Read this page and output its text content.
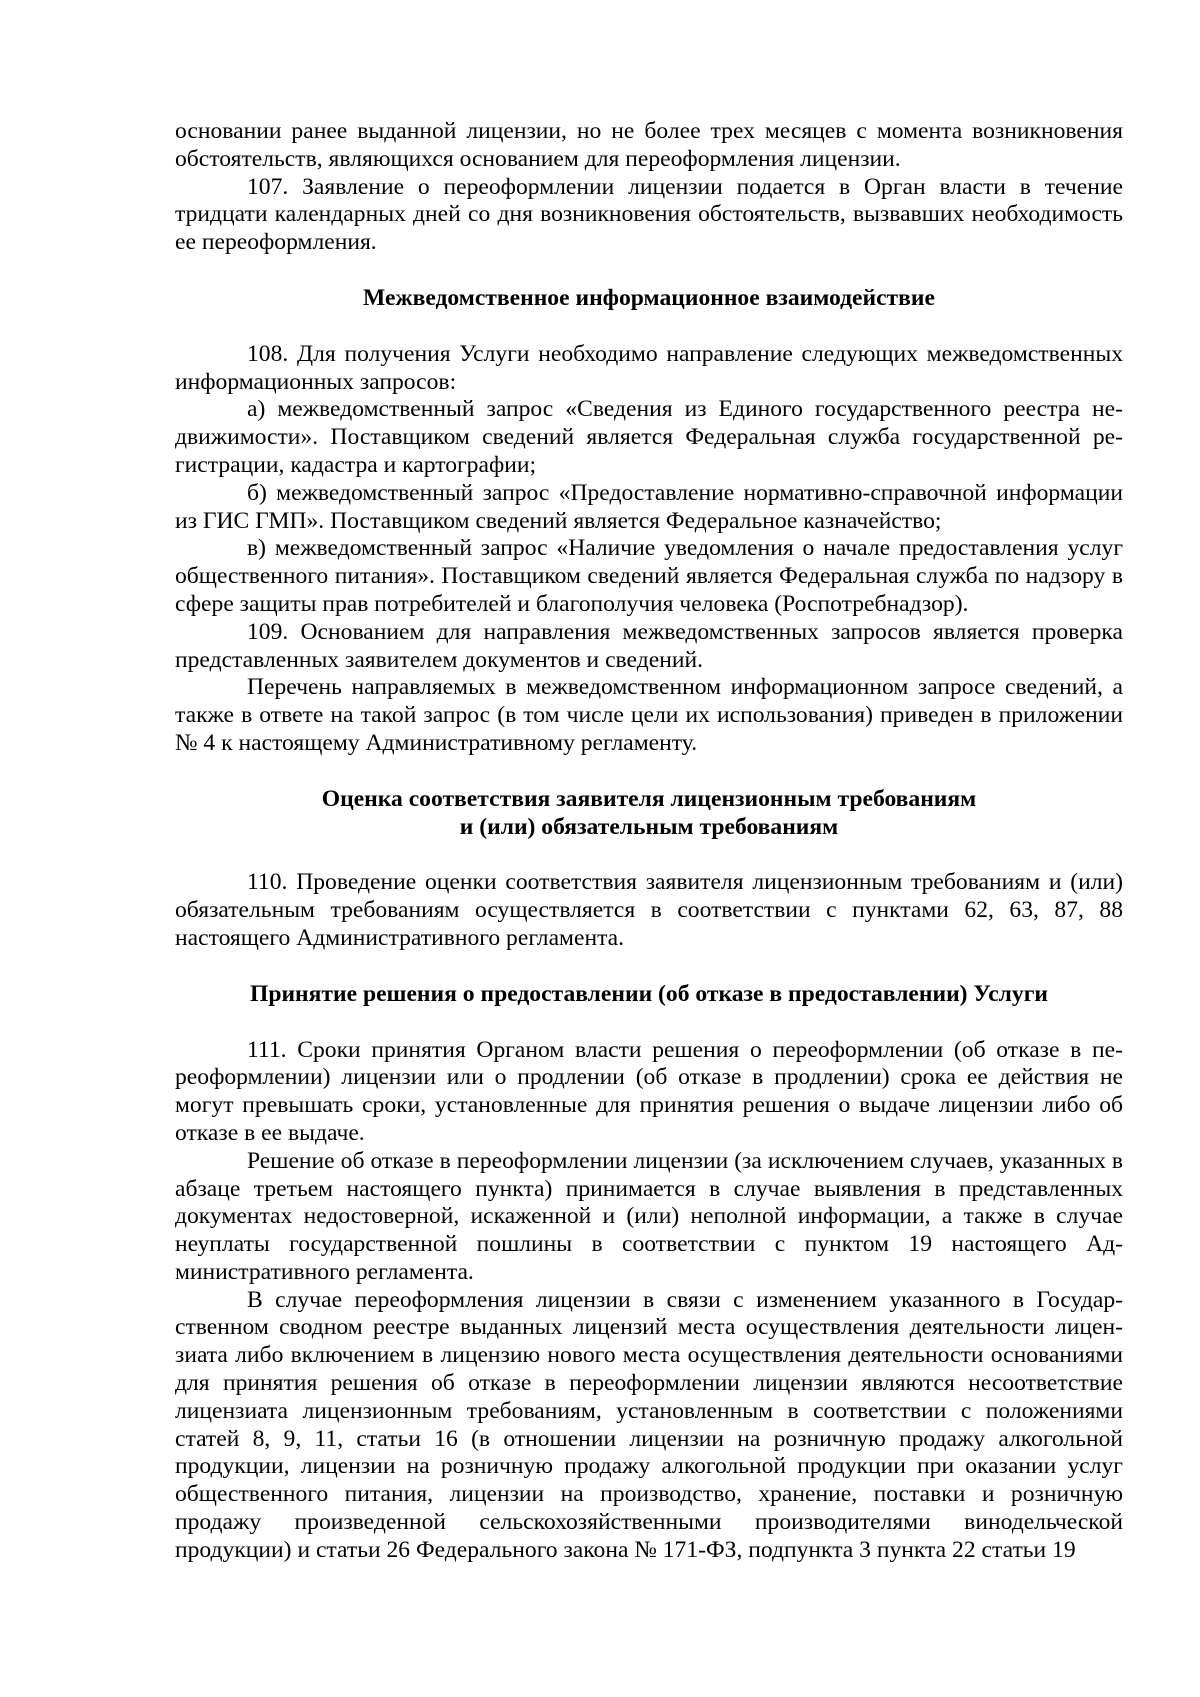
основании ранее выданной лицензии, но не более трех месяцев с момента возникновения обстоятельств, являющихся основанием для переоформления лицензии.

107. Заявление о переоформлении лицензии подается в Орган власти в течение тридцати календарных дней со дня возникновения обстоятельств, вызвавших необходимость ее переоформления.

Межведомственное информационное взаимодействие

108. Для получения Услуги необходимо направление следующих межведомственных информационных запросов:

а) межведомственный запрос «Сведения из Единого государственного реестра недвижимости». Поставщиком сведений является Федеральная служба государственной регистрации, кадастра и картографии;

б) межведомственный запрос «Предоставление нормативно-справочной информации из ГИС ГМП». Поставщиком сведений является Федеральное казначейство;

в) межведомственный запрос «Наличие уведомления о начале предоставления услуг общественного питания». Поставщиком сведений является Федеральная служба по надзору в сфере защиты прав потребителей и благополучия человека (Роспотребнадзор).

109. Основанием для направления межведомственных запросов является проверка представленных заявителем документов и сведений.

Перечень направляемых в межведомственном информационном запросе сведений, а также в ответе на такой запрос (в том числе цели их использования) приведен в приложении № 4 к настоящему Административному регламенту.

Оценка соответствия заявителя лицензионным требованиям

и (или) обязательным требованиям

110. Проведение оценки соответствия заявителя лицензионным требованиям и (или) обязательным требованиям осуществляется в соответствии с пунктами 62, 63, 87, 88 настоящего Административного регламента.

Принятие решения о предоставлении (об отказе в предоставлении) Услуги

111. Сроки принятия Органом власти решения о переоформлении (об отказе в переоформлении) лицензии или о продлении (об отказе в продлении) срока ее действия не могут превышать сроки, установленные для принятия решения о выдаче лицензии либо об отказе в ее выдаче.

Решение об отказе в переоформлении лицензии (за исключением случаев, указанных в абзаце третьем настоящего пункта) принимается в случае выявления в представленных документах недостоверной, искаженной и (или) неполной информации, а также в случае неуплаты государственной пошлины в соответствии с пунктом 19 настоящего Административного регламента.

В случае переоформления лицензии в связи с изменением указанного в Государственном сводном реестре выданных лицензий места осуществления деятельности лицензиата либо включением в лицензию нового места осуществления деятельности основаниями для принятия решения об отказе в переоформлении лицензии являются несоответствие лицензиата лицензионным требованиям, установленным в соответствии с положениями статей 8, 9, 11, статьи 16 (в отношении лицензии на розничную продажу алкогольной продукции, лицензии на розничную продажу алкогольной продукции при оказании услуг общественного питания, лицензии на производство, хранение, поставки и розничную продажу произведенной сельскохозяйственными производителями винодельческой продукции) и статьи 26 Федерального закона № 171-ФЗ, подпункта 3 пункта 22 статьи 19
